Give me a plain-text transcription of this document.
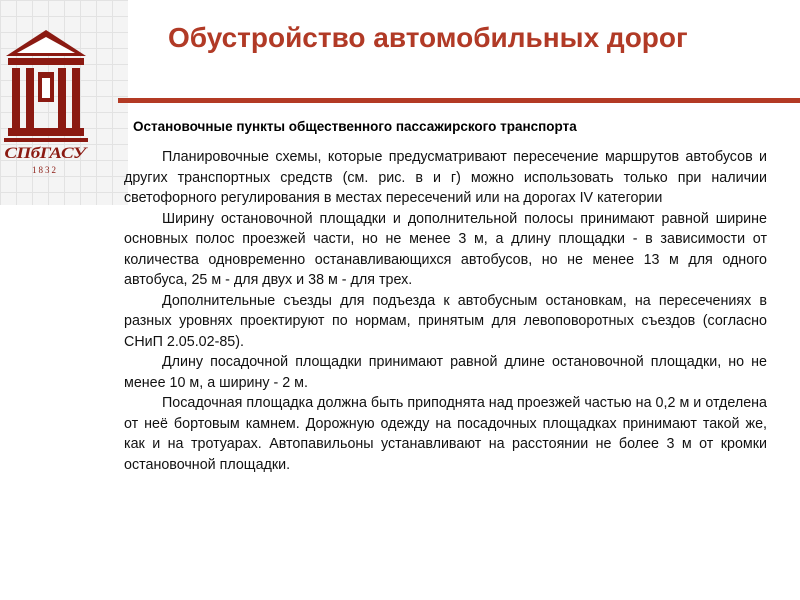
СПбГАСУ
1832
Обустройство автомобильных дорог
Остановочные пункты общественного пассажирского транспорта

Планировочные схемы, которые предусматривают пересечение маршрутов автобусов и других транспортных средств (см. рис. в и г) можно использовать только при наличии светофорного регулирования в местах пересечений или на дорогах IV категории

Ширину остановочной площадки и дополнительной полосы принимают равной ширине основных полос проезжей части, но не менее 3 м, а длину площадки - в зависимости от количества одновременно останавливающихся автобусов, но не менее 13 м для одного автобуса, 25 м - для двух и 38 м - для трех.

Дополнительные съезды для подъезда к автобусным остановкам, на пересечениях в разных уровнях проектируют по нормам, принятым для левоповоротных съездов (согласно СНиП 2.05.02-85).

Длину посадочной площадки принимают равной длине остановочной площадки, но не менее 10 м, а ширину - 2 м.

Посадочная площадка должна быть приподнята над проезжей частью на 0,2 м и отделена от неё бортовым камнем. Дорожную одежду на посадочных площадках принимают такой же, как и на тротуарах. Автопавильоны устанавливают на расстоянии не более 3 м от кромки остановочной площадки.
